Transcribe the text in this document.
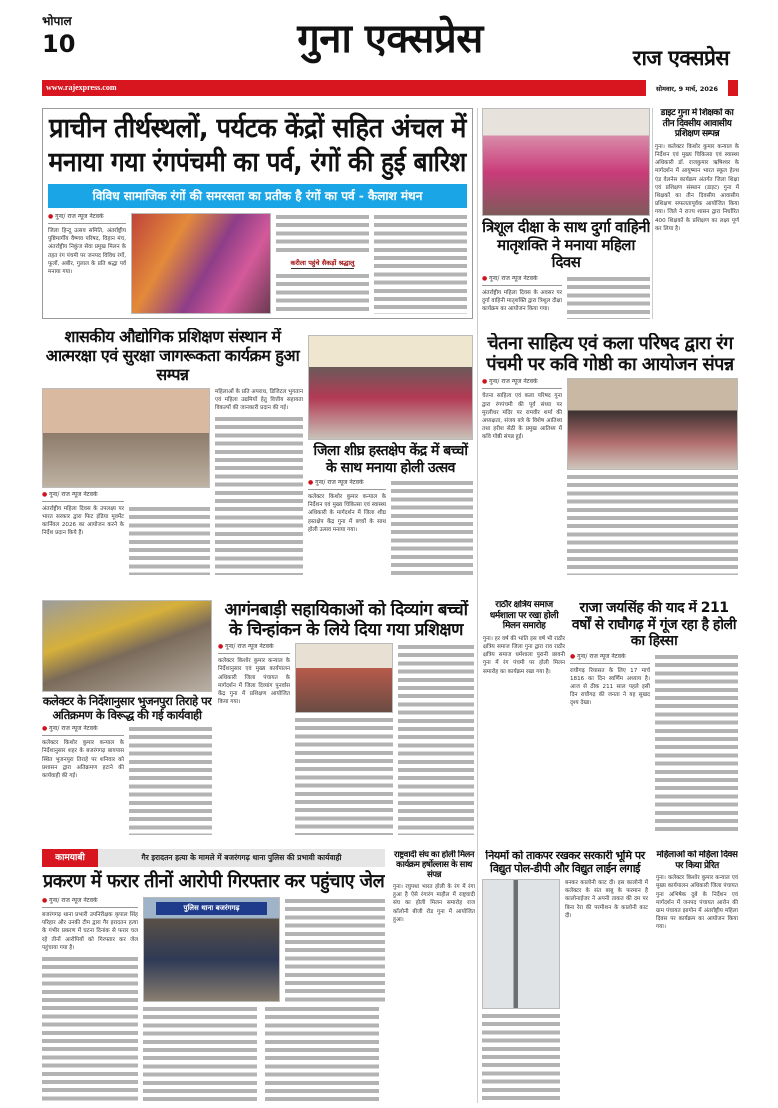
भोपाल
10	गुना एक्सप्रेस	राज एक्सप्रेस
www.rajexpress.com	सोमवार, 9 मार्च, 2026
प्राचीन तीर्थस्थलों, पर्यटक केंद्रों सहित अंचल में
मनाया गया रंगपंचमी का पर्व, रंगों की हुई बारिश
विविध सामाजिक रंगों की समरसता का प्रतीक है रंगों का पर्व - कैलाश मंथन
● गुना/ राज न्यूज नेटवर्क
जिला हिन्दू उत्सव समिति, अंतर्राष्ट्रीय पुष्टिमार्गीय वैष्णव परिषद, विहान मंच, अंतर्राष्ट्रीय निकुंज सेवा प्रमुख मिलन के तहत रंग पंचमी पर जनपद विविध रंगों, फूलों, अबीर, गुलाल के प्रति श्रद्धा पर्व मनाया गया।
करीला पहुंचे सैकड़ों श्रद्धालु
त्रिशूल दीक्षा के साथ दुर्गा वाहिनी मातृशक्ति ने मनाया महिला दिवस
● गुना/ राज न्यूज नेटवर्क
अंतर्राष्ट्रीय महिला दिवस के अवसर पर दुर्गा वाहिनी मातृशक्ति द्वारा त्रिशूल दीक्षा कार्यक्रम का आयोजन किया गया।
डाइट गुना में शिक्षकों का तीन दिवसीय आवासीय प्रशिक्षण सम्पन्न
गुना। कलेक्टर किशोर कुमार कन्याल के निर्देशन एवं मुख्य चिकित्सा एवं स्वास्थ्य अधिकारी डॉ. राजकुमार ऋषिश्वर के मार्गदर्शन में आयुष्मान भारत स्कूल हेल्थ एंड वेलनेस कार्यक्रम अंतर्गत जिला शिक्षा एवं प्रशिक्षण संस्थान (डाइट) गुना में शिक्षकों का तीन दिवसीय आवासीय प्रशिक्षण सफलतापूर्वक आयोजित किया गया। जिले ने राज्य शासन द्वारा निर्धारित 400 शिक्षकों के प्रशिक्षण का लक्ष्य पूर्ण कर लिया है।
शासकीय औद्योगिक प्रशिक्षण संस्थान में आत्मरक्षा एवं सुरक्षा जागरूकता कार्यक्रम हुआ सम्पन्न
● गुना/ राज न्यूज नेटवर्क
अंतर्राष्ट्रीय महिला दिवस के उपलक्ष्य पर भारत सरकार द्वारा फिट इंडिया मूवमेंट कार्निवल 2026 का आयोजन करने के निर्देश प्रदान किये हैं।
महिलाओं के प्रति अपराध, डिजिटल भुगतान एवं महिला उद्यमियों हेतु वित्तीय सहायता विकल्पों की जानकारी प्रदान की गई।
जिला शीघ्र हस्तक्षेप केंद्र में बच्चों के साथ मनाया होली उत्सव
● गुना/ राज न्यूज नेटवर्क
कलेक्टर किशोर कुमार कन्याल के निर्देशन एवं मुख्य चिकित्सा एवं स्वास्थ्य अधिकारी के मार्गदर्शन में जिला शीघ्र हस्तक्षेप केंद्र गुना में बच्चों के साथ होली उत्सव मनाया गया।
चेतना साहित्य एवं कला परिषद द्वारा रंग पंचमी पर कवि गोष्ठी का आयोजन संपन्न
● गुना/ राज न्यूज नेटवर्क
चेतना साहित्य एवं कला परिषद गुना द्वारा रंगपंचमी की पूर्व संध्या पर मुरलीधर मंदिर पर रामवीर शर्मा की अध्यक्षता, संजय बत्रे के विशेष आतिथ्य तथा हरीश सेठी के प्रमुख आतिथ्य में कवि गोष्ठी संपन्न हुई।
कलेक्टर के निर्देशानुसार भुजनपुरा तिराहे पर अतिक्रमण के विरूद्ध की गई कार्यवाही
● गुना/ राज न्यूज नेटवर्क
कलेक्टर किशोर कुमार कन्याल के निर्देशानुसार शहर के बजरंगगढ़ बायपास स्थित भुजनपुरा तिराहे पर शनिवार को प्रशासन द्वारा अतिक्रमण हटाने की कार्यवाही की गई।
आगंनबाड़ी सहायिकाओं को दिव्यांग बच्चों के चिन्हांकन के लिये दिया गया प्रशिक्षण
● गुना/ राज न्यूज नेटवर्क
कलेक्टर किशोर कुमार कन्याल के निर्देशानुसार एवं मुख्य कार्यपालन अधिकारी जिला पंचायत के मार्गदर्शन में जिला दिव्यांग पुनर्वास केंद्र गुना में प्रशिक्षण आयोजित किया गया।
राठौर क्षत्रिय समाज धर्मशाला पर रखा होली मिलन समारोह
गुना। हर वर्ष की भांति इस वर्ष भी राठौर क्षत्रिय समाज जिला गुना द्वारा राव राठौर क्षत्रिय समाज धर्मशाला पुरानी छावनी गुना में रंग पंचमी पर होली मिलन समारोह का कार्यक्रम रखा गया है।
राजा जयसिंह की याद में 211 वर्षों से राघौगढ़ में गूंज रहा है होली का हिस्सा
● गुना/ राज न्यूज नेटवर्क
राघौगढ़ रियासत के लिए 17 मार्च 1816 का दिन स्वर्णिम अध्याय है। आज से ठीक 211 साल पहले इसी दिन राघौगढ़ की जनता ने यह सुखद दृश्य देखा।
कामयाबी	गैर इरादतन हत्या के मामले में बजरंगगढ़ थाना पुलिस की प्रभावी कार्यवाही
प्रकरण में फरार तीनों आरोपी गिरफ्तार कर पहुंचाए जेल
● गुना/ राज न्यूज नेटवर्क
बजरंगगढ़ थाना प्रभारी उपनिरीक्षक कृपाल सिंह परिहार और उनकी टीम द्वारा गैर इरादतन हत्या के गंभीर प्रकरण में घटना दिनांक से फरार चल रहे तीनों आरोपियों को गिरफ्तार कर जेल पहुंचाया गया है।
पुलिस थाना बजरंगगढ़
राष्ट्रवादी संघ का होली मिलन कार्यक्रम हर्षोल्लास के साथ संपन्न
गुना। रघुपथा भारत होली के रंग में रंगा हुआ है ऐसे रंगारंग माहौल में राष्ट्रवादी संघ का होली मिलन समारोह राज कॉलोनी बीजी रोड गुना में आयोजित हुआ।
नियमों को ताकपर रखकर सरकारी भूमि पर विद्युत पोल-डीपी और विद्युत लाईन लगाई
बनकर कालोनी काट दी। इस कालोनी में कलेक्टर के संत बाबू के फरमान है कालोनाईजर ने अपनी ताकत की दम पर बिना रेरा की परमीशन के कालोनी काट दी।
महिलाओं को महिला दिवस पर किया प्रेरित
गुना। कलेक्टर किशोर कुमार कन्याल एवं मुख्य कार्यपालन अधिकारी जिला पंचायत गुना अभिषेक दुबे के निर्देशन एवं मार्गदर्शन में जनपद पंचायत आरोन की ग्राम पंचायत झागोन में अंतर्राष्ट्रीय महिला दिवस पर कार्यक्रम का आयोजन किया गया।
